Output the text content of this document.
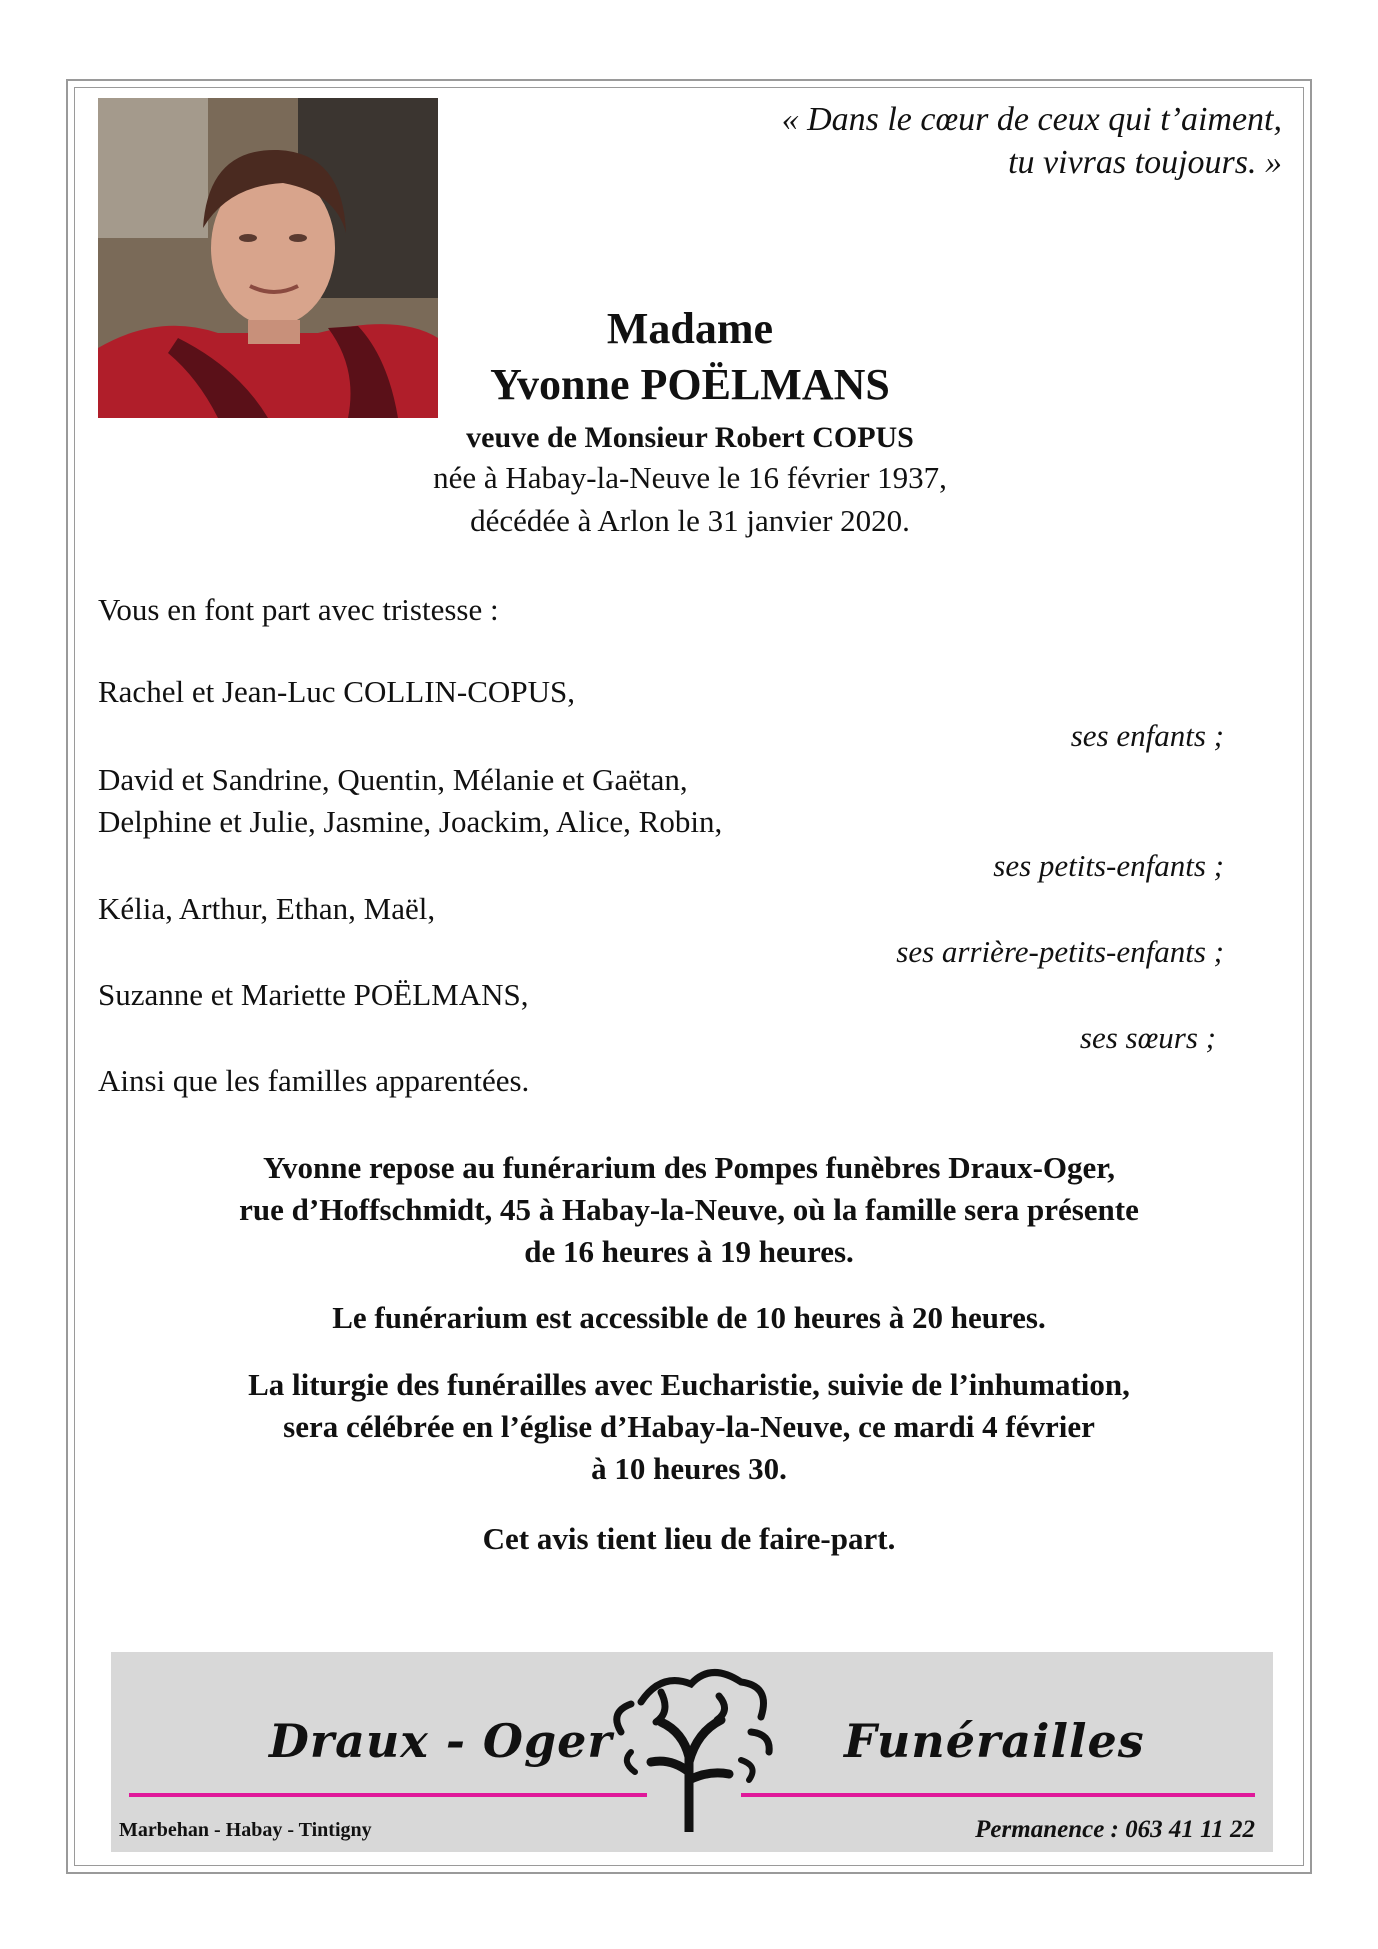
« Dans le cœur de ceux qui t’aiment,
tu vivras toujours. »
Madame
Yvonne POËLMANS
veuve de Monsieur Robert COPUS
née à Habay-la-Neuve le 16 février 1937,
décédée à Arlon le 31 janvier 2020.
Vous en font part avec tristesse :
Rachel et Jean-Luc COLLIN-COPUS,
ses enfants ;
David et Sandrine, Quentin, Mélanie et Gaëtan,
Delphine et Julie, Jasmine, Joackim, Alice, Robin,
ses petits-enfants ;
Kélia, Arthur, Ethan, Maël,
ses arrière-petits-enfants ;
Suzanne et Mariette POËLMANS,
ses sœurs ;
Ainsi que les familles apparentées.
Yvonne repose au funérarium des Pompes funèbres Draux-Oger,
rue d’Hoffschmidt, 45 à Habay-la-Neuve, où la famille sera présente
de 16 heures à 19 heures.
Le funérarium est accessible de 10 heures à 20 heures.
La liturgie des funérailles avec Eucharistie, suivie de l’inhumation,
sera célébrée en l’église d’Habay-la-Neuve, ce mardi 4 février
à 10 heures 30.
Cet avis tient lieu de faire-part.
Draux - Oger	Funérailles
Marbehan - Habay - Tintigny	Permanence : 063 41 11 22
